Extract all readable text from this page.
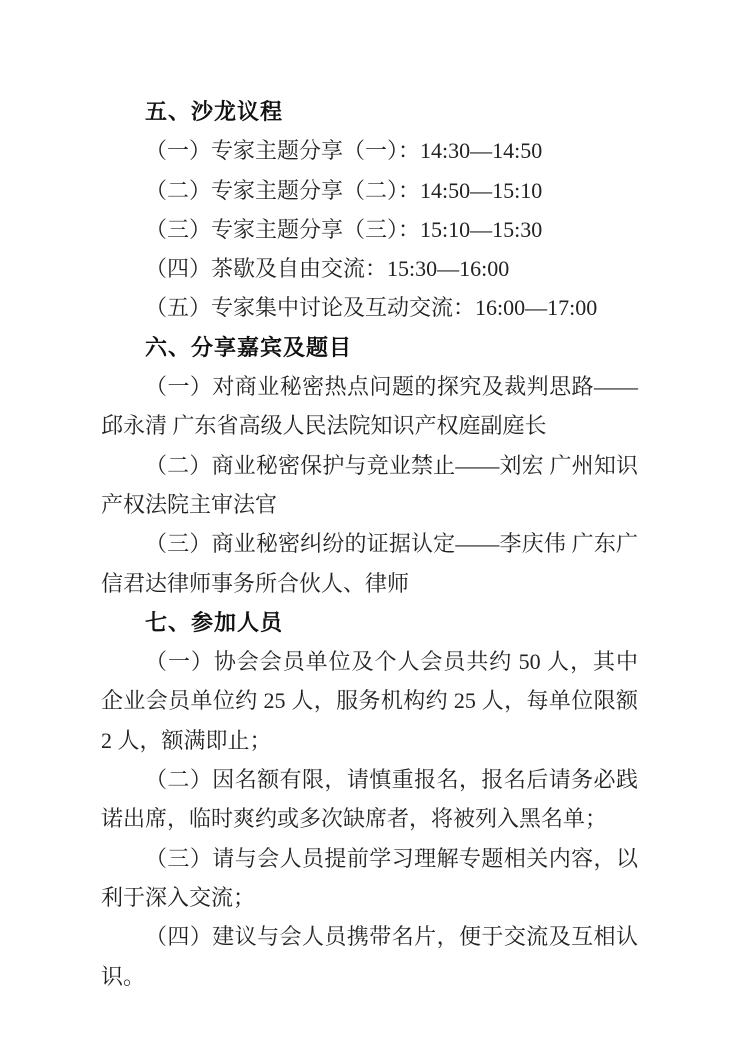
五、沙龙议程

（一）专家主题分享（一）：14:30—14:50

（二）专家主题分享（二）：14:50—15:10

（三）专家主题分享（三）：15:10—15:30

（四）茶歇及自由交流：15:30—16:00

（五）专家集中讨论及互动交流：16:00—17:00

六、分享嘉宾及题目

（一）对商业秘密热点问题的探究及裁判思路——邱永清 广东省高级人民法院知识产权庭副庭长

（二）商业秘密保护与竞业禁止——刘宏 广州知识产权法院主审法官

（三）商业秘密纠纷的证据认定——李庆伟 广东广信君达律师事务所合伙人、律师

七、参加人员

（一）协会会员单位及个人会员共约 50 人，其中企业会员单位约 25 人，服务机构约 25 人，每单位限额 2 人，额满即止；

（二）因名额有限，请慎重报名，报名后请务必践诺出席，临时爽约或多次缺席者，将被列入黑名单；

（三）请与会人员提前学习理解专题相关内容，以利于深入交流；

（四）建议与会人员携带名片，便于交流及互相认识。
